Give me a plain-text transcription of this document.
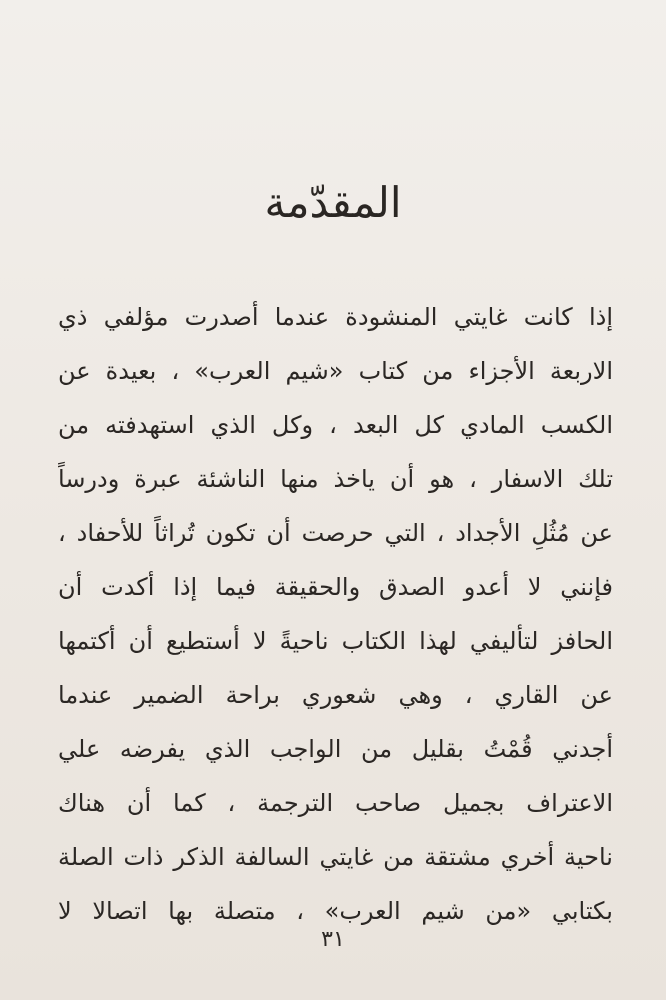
المقدّمة
إذا كانت غايتي المنشودة عندما أصدرت مؤلفي ذي
الاربعة الأجزاء من كتاب «شيم العرب» ، بعيدة عن
الكسب المادي كل البعد ، وكل الذي استهدفته من
تلك الاسفار ، هو أن ياخذ منها الناشئة عبرة ودرساً
عن مُثُلِ الأجداد ، التي حرصت أن تكون تُراثاً للأحفاد ،
فإنني لا أعدو الصدق والحقيقة فيما إذا أكدت أن
الحافز لتأليفي لهذا الكتاب ناحيةً لا أستطيع أن أكتمها
عن القاري ، وهي شعوري براحة الضمير عندما
أجدني قُمْتُ بقليل من الواجب الذي يفرضه علي
الاعتراف بجميل صاحب الترجمة ، كما أن هناك
ناحية أخري مشتقة من غايتي السالفة الذكر ذات الصلة
بكتابي «من شيم العرب» ، متصلة بها اتصالا لا
٣١
